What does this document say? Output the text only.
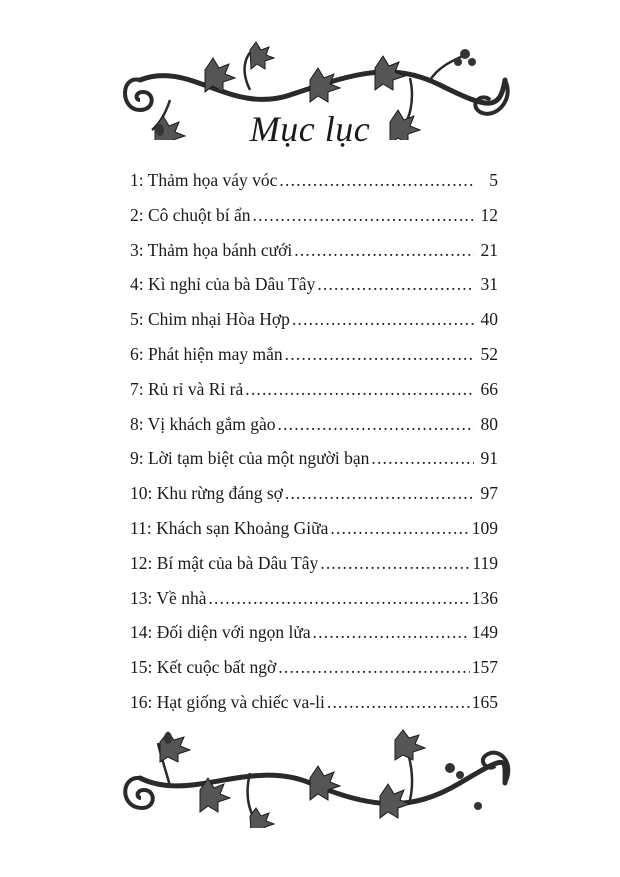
Mục lục
1: Thảm họa váy vóc .....	5
2: Cô chuột bí ẩn .....	12
3: Thảm họa bánh cưới .....	21
4: Kì nghỉ của bà Dâu Tây .....	31
5: Chim nhại Hòa Hợp .....	40
6: Phát hiện may mắn .....	52
7: Rủ rỉ và Rỉ rả .....	66
8: Vị khách gắm gào .....	80
9: Lời tạm biệt của một người bạn .....	91
10: Khu rừng đáng sợ .....	97
11: Khách sạn Khoảng Giữa .....	109
12: Bí mật của bà Dâu Tây .....	119
13: Về nhà .....	136
14: Đối diện với ngọn lửa .....	149
15: Kết cuộc bất ngờ .....	157
16: Hạt giống và chiếc va-li .....	165
